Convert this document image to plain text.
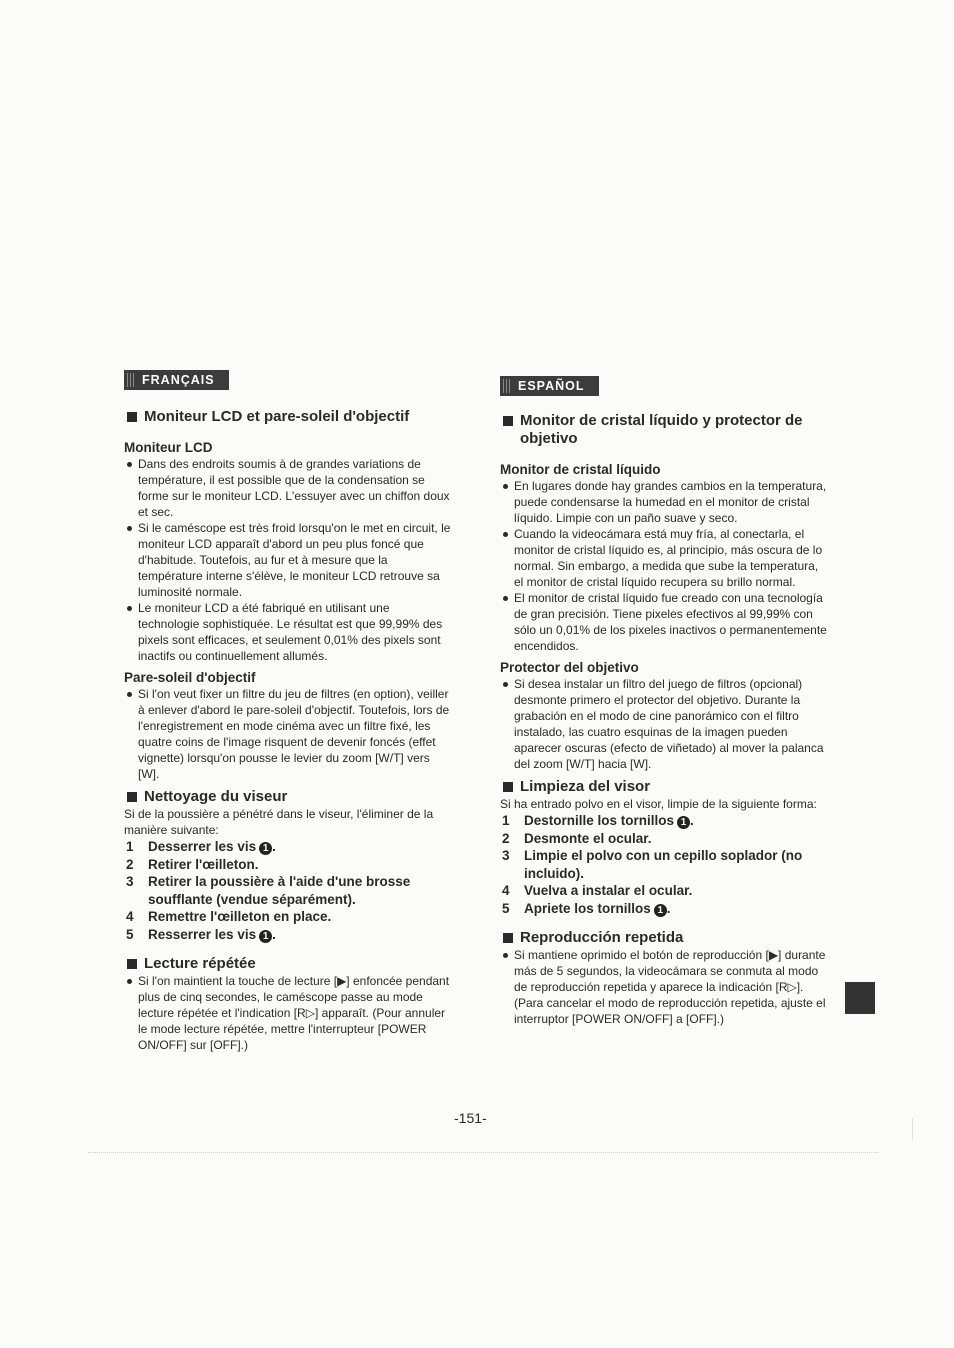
FRANÇAIS
Moniteur LCD et pare-soleil d'objectif
Moniteur LCD
Dans des endroits soumis à de grandes variations de température, il est possible que de la condensation se forme sur le moniteur LCD. L'essuyer avec un chiffon doux et sec.
Si le caméscope est très froid lorsqu'on le met en circuit, le moniteur LCD apparaît d'abord un peu plus foncé que d'habitude. Toutefois, au fur et à mesure que la température interne s'élève, le moniteur LCD retrouve sa luminosité normale.
Le moniteur LCD a été fabriqué en utilisant une technologie sophistiquée. Le résultat est que 99,99% des pixels sont efficaces, et seulement 0,01% des pixels sont inactifs ou continuellement allumés.
Pare-soleil d'objectif
Si l'on veut fixer un filtre du jeu de filtres (en option), veiller à enlever d'abord le pare-soleil d'objectif. Toutefois, lors de l'enregistrement en mode cinéma avec un filtre fixé, les quatre coins de l'image risquent de devenir foncés (effet vignette) lorsqu'on pousse le levier du zoom [W/T] vers [W].
Nettoyage du viseur

Si de la poussière a pénétré dans le viseur, l'éliminer de la manière suivante:

1 Desserrer les vis 1 .
2 Retirer l'œilleton.
3 Retirer la poussière à l'aide d'une brosse soufflante (vendue séparément).
4 Remettre l'œilleton en place.
5 Resserrer les vis 1 .
Lecture répétée
Si l'on maintient la touche de lecture [▶] enfoncée pendant plus de cinq secondes, le caméscope passe au mode lecture répétée et l'indication [R▷] apparaît. (Pour annuler le mode lecture répétée, mettre l'interrupteur [POWER ON/OFF] sur [OFF].)
ESPAÑOL
Monitor de cristal líquido y protector de objetivo
Monitor de cristal líquido
En lugares donde hay grandes cambios en la temperatura, puede condensarse la humedad en el monitor de cristal líquido. Limpie con un paño suave y seco.
Cuando la videocámara está muy fría, al conectarla, el monitor de cristal líquido es, al principio, más oscura de lo normal. Sin embargo, a medida que sube la temperatura, el monitor de cristal líquido recupera su brillo normal.
El monitor de cristal líquido fue creado con una tecnología de gran precisión. Tiene pixeles efectivos al 99,99% con sólo un 0,01% de los pixeles inactivos o permanentemente encendidos.
Protector del objetivo
Si desea instalar un filtro del juego de filtros (opcional) desmonte primero el protector del objetivo. Durante la grabación en el modo de cine panorámico con el filtro instalado, las cuatro esquinas de la imagen pueden aparecer oscuras (efecto de viñetado) al mover la palanca del zoom [W/T] hacia [W].
Limpieza del visor

Si ha entrado polvo en el visor, limpie de la siguiente forma:

1 Destornille los tornillos 1 .
2 Desmonte el ocular.
3 Limpie el polvo con un cepillo soplador (no incluido).
4 Vuelva a instalar el ocular.
5 Apriete los tornillos 1 .
Reproducción repetida
Si mantiene oprimido el botón de reproducción [▶] durante más de 5 segundos, la videocámara se conmuta al modo de reproducción repetida y aparece la indicación [R▷]. (Para cancelar el modo de reproducción repetida, ajuste el interruptor [POWER ON/OFF] a [OFF].)
-151-
